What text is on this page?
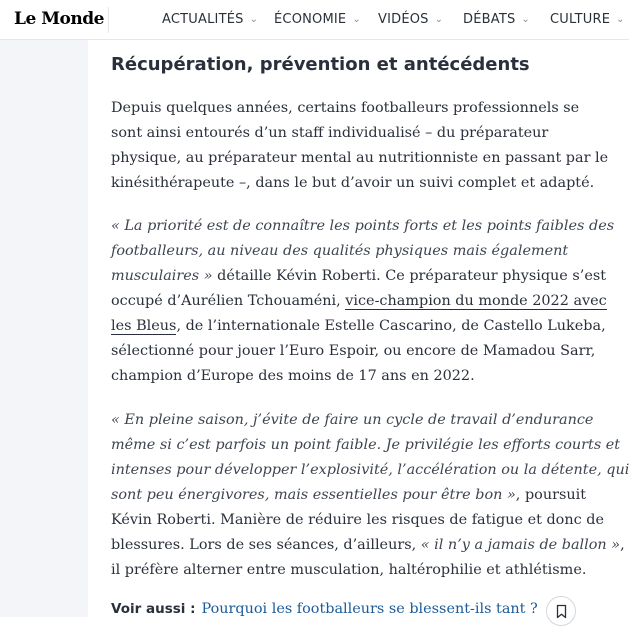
Le Monde	ACTUALITÉS ⌄ ÉCONOMIE ⌄ VIDÉOS ⌄ DÉBATS ⌄ CULTURE ⌄
Récupération, prévention et antécédents

Depuis quelques années, certains footballeurs professionnels se
sont ainsi entourés d’un staff individualisé – du préparateur
physique, au préparateur mental au nutritionniste en passant par le
kinésithérapeute –, dans le but d’avoir un suivi complet et adapté.

« La priorité est de connaître les points forts et les points faibles des
footballeurs, au niveau des qualités physiques mais également
musculaires » détaille Kévin Roberti. Ce préparateur physique s’est
occupé d’Aurélien Tchouaméni, vice-champion du monde 2022 avec
les Bleus, de l’internationale Estelle Cascarino, de Castello Lukeba,
sélectionné pour jouer l’Euro Espoir, ou encore de Mamadou Sarr,
champion d’Europe des moins de 17 ans en 2022.

« En pleine saison, j’évite de faire un cycle de travail d’endurance
même si c’est parfois un point faible. Je privilégie les efforts courts et
intenses pour développer l’explosivité, l’accélération ou la détente, qui
sont peu énergivores, mais essentielles pour être bon », poursuit
Kévin Roberti. Manière de réduire les risques de fatigue et donc de
blessures. Lors de ses séances, d’ailleurs, « il n’y a jamais de ballon »,
il préfère alterner entre musculation, haltérophilie et athlétisme.

Voir aussi : Pourquoi les footballeurs se blessent-ils tant ?
